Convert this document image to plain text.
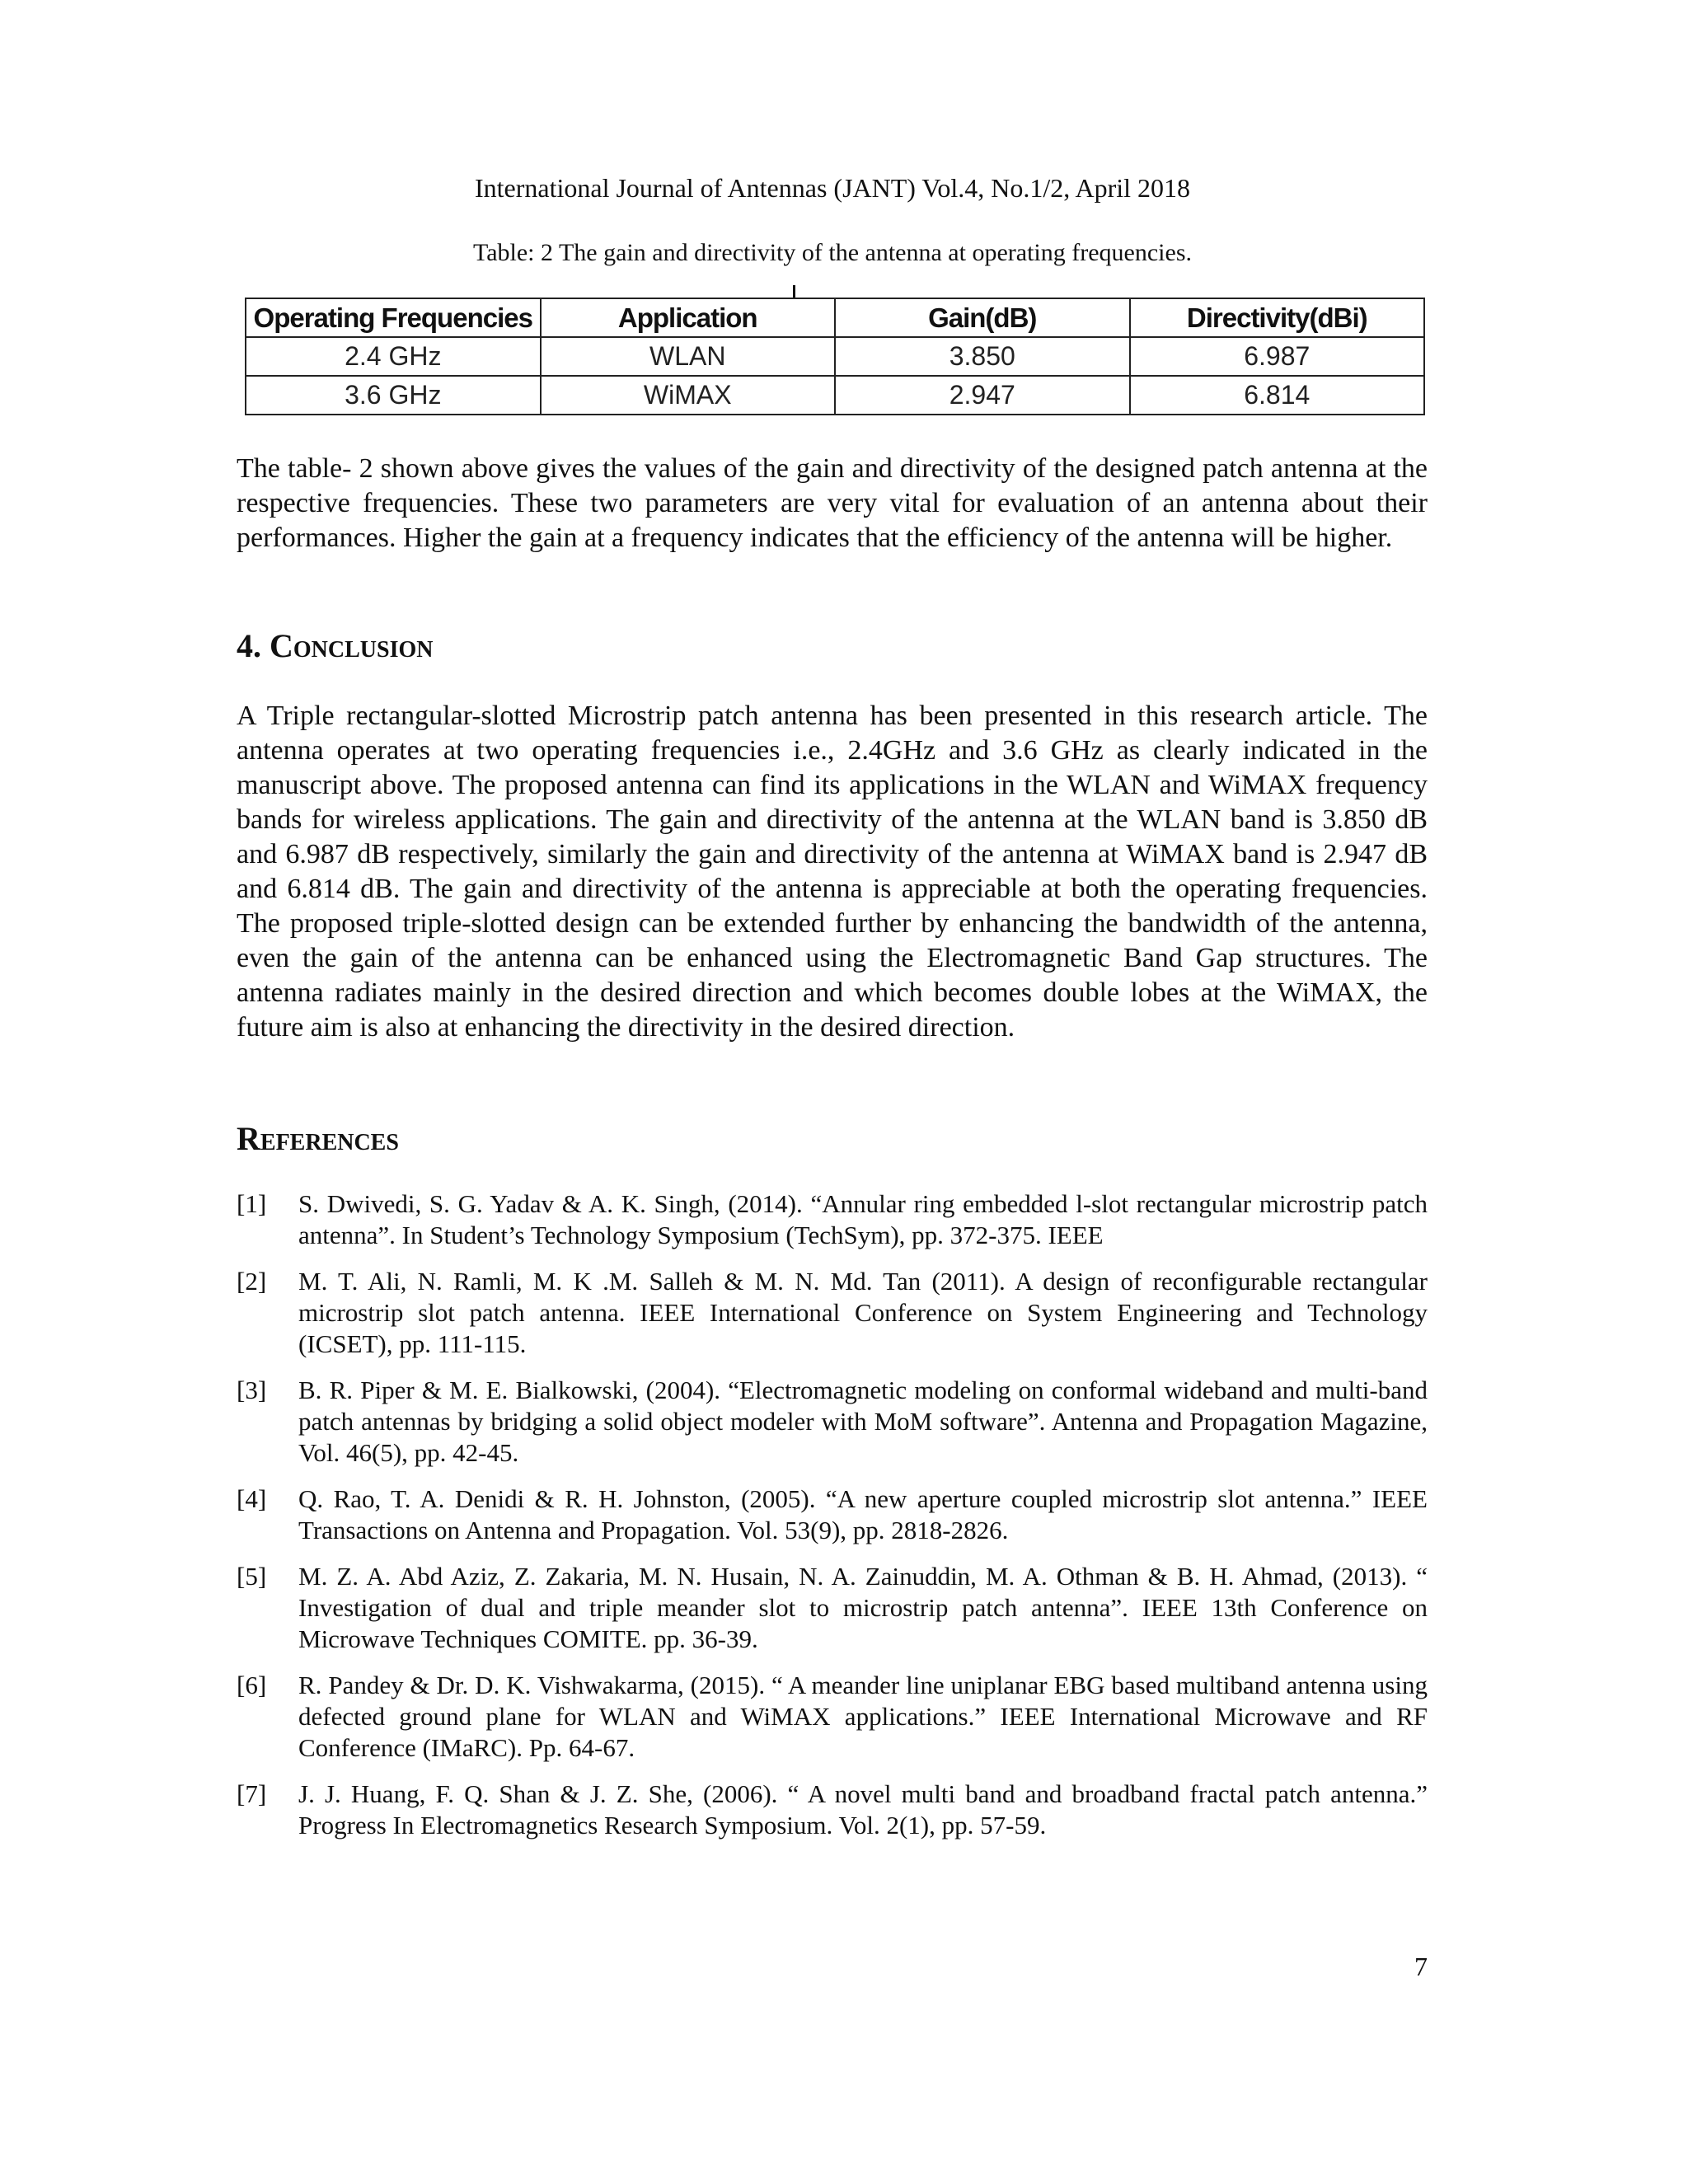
International Journal of Antennas (JANT) Vol.4, No.1/2, April 2018
Table: 2 The gain and directivity of the antenna at operating frequencies.
Operating Frequencies	Application	Gain(dB)	Directivity(dBi)
2.4 GHz	WLAN	3.850	6.987
3.6 GHz	WiMAX	2.947	6.814

The table- 2 shown above gives the values of the gain and directivity of the designed patch antenna at the respective frequencies. These two parameters are very vital for evaluation of an antenna about their performances. Higher the gain at a frequency indicates that the efficiency of the antenna will be higher.

4. Conclusion

A Triple rectangular-slotted Microstrip patch antenna has been presented in this research article. The antenna operates at two operating frequencies i.e., 2.4GHz and 3.6 GHz as clearly indicated in the manuscript above. The proposed antenna can find its applications in the WLAN and WiMAX frequency bands for wireless applications. The gain and directivity of the antenna at the WLAN band is 3.850 dB and 6.987 dB respectively, similarly the gain and directivity of the antenna at WiMAX band is 2.947 dB and 6.814 dB. The gain and directivity of the antenna is appreciable at both the operating frequencies. The proposed triple-slotted design can be extended further by enhancing the bandwidth of the antenna, even the gain of the antenna can be enhanced using the Electromagnetic Band Gap structures. The antenna radiates mainly in the desired direction and which becomes double lobes at the WiMAX, the future aim is also at enhancing the directivity in the desired direction.

References
[1]	S. Dwivedi, S. G. Yadav & A. K. Singh, (2014). “Annular ring embedded l-slot rectangular microstrip patch antenna”. In Student’s Technology Symposium (TechSym), pp. 372-375. IEEE
[2]	M. T. Ali, N. Ramli, M. K .M. Salleh & M. N. Md. Tan (2011). A design of reconfigurable rectangular microstrip slot patch antenna. IEEE International Conference on System Engineering and Technology (ICSET), pp. 111-115.
[3]	B. R. Piper & M. E. Bialkowski, (2004). “Electromagnetic modeling on conformal wideband and multi-band patch antennas by bridging a solid object modeler with MoM software”. Antenna and Propagation Magazine, Vol. 46(5), pp. 42-45.
[4]	Q. Rao, T. A. Denidi & R. H. Johnston, (2005). “A new aperture coupled microstrip slot antenna.” IEEE Transactions on Antenna and Propagation. Vol. 53(9), pp. 2818-2826.
[5]	M. Z. A. Abd Aziz, Z. Zakaria, M. N. Husain, N. A. Zainuddin, M. A. Othman & B. H. Ahmad, (2013). “ Investigation of dual and triple meander slot to microstrip patch antenna”. IEEE 13th Conference on Microwave Techniques COMITE. pp. 36-39.
[6]	R. Pandey & Dr. D. K. Vishwakarma, (2015). “ A meander line uniplanar EBG based multiband antenna using defected ground plane for WLAN and WiMAX applications.” IEEE International Microwave and RF Conference (IMaRC). Pp. 64-67.
[7]	J. J. Huang, F. Q. Shan & J. Z. She, (2006). “ A novel multi band and broadband fractal patch antenna.” Progress In Electromagnetics Research Symposium. Vol. 2(1), pp. 57-59.
7
